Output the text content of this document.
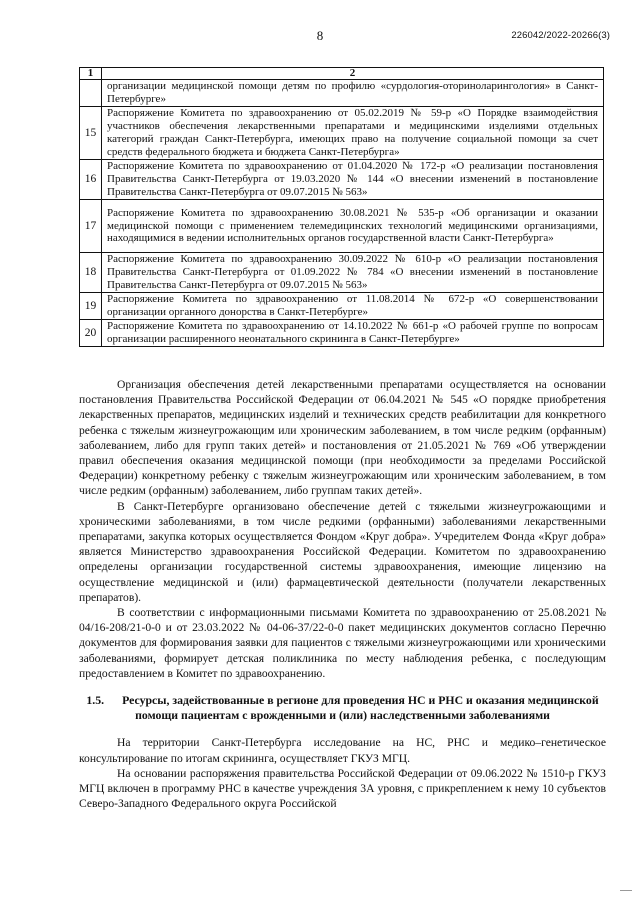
8	226042/2022-20266(3)
1	2
	организации медицинской помощи детям по профилю «сурдология-оториноларингология» в Санкт-Петербурге»
15	Распоряжение Комитета по здравоохранению от 05.02.2019 № 59-р «О Порядке взаимодействия участников обеспечения лекарственными препаратами и медицинскими изделиями отдельных категорий граждан Санкт-Петербурга, имеющих право на получение социальной помощи за счет средств федерального бюджета и бюджета Санкт-Петербурга»
16	Распоряжение Комитета по здравоохранению от 01.04.2020 № 172-р «О реализации постановления Правительства Санкт-Петербурга от 19.03.2020 № 144 «О внесении изменений в постановление Правительства Санкт-Петербурга от 09.07.2015 № 563»
17	Распоряжение Комитета по здравоохранению 30.08.2021 № 535-р «Об организации и оказании медицинской помощи с применением телемедицинских технологий медицинскими организациями, находящимися в ведении исполнительных органов государственной власти Санкт-Петербурга»
18	Распоряжение Комитета по здравоохранению 30.09.2022 № 610-р «О реализации постановления Правительства Санкт-Петербурга от 01.09.2022 № 784 «О внесении изменений в постановление Правительства Санкт-Петербурга от 09.07.2015 № 563»
19	Распоряжение Комитета по здравоохранению от 11.08.2014 № 672-р «О совершенствовании организации органного донорства в Санкт-Петербурге»
20	Распоряжение Комитета по здравоохранению от 14.10.2022 № 661-р «О рабочей группе по вопросам организации расширенного неонатального скрининга в Санкт-Петербурге»

Организация обеспечения детей лекарственными препаратами осуществляется на основании постановления Правительства Российской Федерации от 06.04.2021 № 545 «О порядке приобретения лекарственных препаратов, медицинских изделий и технических средств реабилитации для конкретного ребенка с тяжелым жизнеугрожающим или хроническим заболеванием, в том числе редким (орфанным) заболеванием, либо для групп таких детей» и постановления от 21.05.2021 № 769 «Об утверждении правил обеспечения оказания медицинской помощи (при необходимости за пределами Российской Федерации) конкретному ребенку с тяжелым жизнеугрожающим или хроническим заболеванием, в том числе редким (орфанным) заболеванием, либо группам таких детей».

В Санкт-Петербурге организовано обеспечение детей с тяжелыми жизнеугрожающими и хроническими заболеваниями, в том числе редкими (орфанными) заболеваниями лекарственными препаратами, закупка которых осуществляется Фондом «Круг добра». Учредителем Фонда «Круг добра» является Министерство здравоохранения Российской Федерации. Комитетом по здравоохранению определены организации государственной системы здравоохранения, имеющие лицензию на осуществление медицинской и (или) фармацевтической деятельности (получатели лекарственных препаратов).

В соответствии с информационными письмами Комитета по здравоохранению от 25.08.2021 № 04/16-208/21-0-0 и от 23.03.2022 № 04-06-37/22-0-0 пакет медицинских документов согласно Перечню документов для формирования заявки для пациентов с тяжелыми жизнеугрожающими или хроническими заболеваниями, формирует детская поликлиника по месту наблюдения ребенка, с последующим предоставлением в Комитет по здравоохранению.

1.5. Ресурсы, задействованные в регионе для проведения НС и РНС и оказания медицинской помощи пациентам с врожденными и (или) наследственными заболеваниями

На территории Санкт-Петербурга исследование на НС, РНС и медико–генетическое консультирование по итогам скрининга, осуществляет ГКУЗ МГЦ.

На основании распоряжения правительства Российской Федерации от 09.06.2022 № 1510-р ГКУЗ МГЦ включен в программу РНС в качестве учреждения 3А уровня, с прикреплением к нему 10 субъектов Северо-Западного Федерального округа Российской
